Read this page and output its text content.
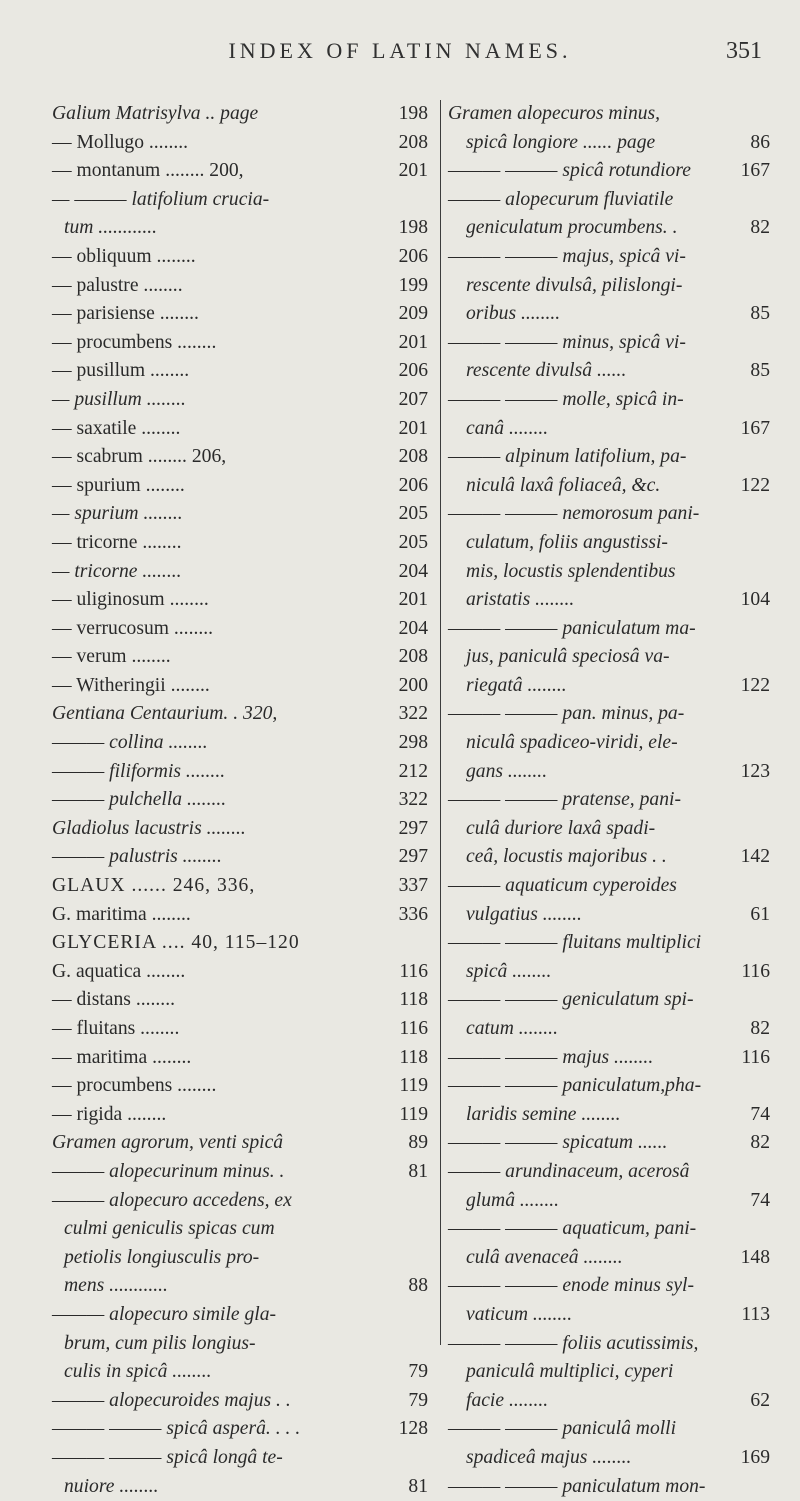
INDEX OF LATIN NAMES.	351
Galium Matrisylva .. page	198
— Mollugo ........	208
— montanum ........ 200,	201
— ——— latifolium crucia-
tum ............	198
— obliquum ........	206
— palustre ........	199
— parisiense ........	209
— procumbens ........	201
— pusillum ........	206
— pusillum ........	207
— saxatile ........	201
— scabrum ........ 206,	208
— spurium ........	206
— spurium ........	205
— tricorne ........	205
— tricorne ........	204
— uliginosum ........	201
— verrucosum ........	204
— verum ........	208
— Witheringii ........	200
Gentiana Centaurium. . 320,	322
——— collina ........	298
——— filiformis ........	212
——— pulchella ........	322
Gladiolus lacustris ........	297
——— palustris ........	297
GLAUX ...... 246, 336,	337
G. maritima ........	336
GLYCERIA .... 40, 115–120
G. aquatica ........	116
— distans ........	118
— fluitans ........	116
— maritima ........	118
— procumbens ........	119
— rigida ........	119
Gramen agrorum, venti spicâ	89
——— alopecurinum minus. .	81
——— alopecuro accedens, ex
culmi geniculis spicas cum
petiolis longiusculis pro-
mens ............	88
——— alopecuro simile gla-
brum, cum pilis longius-
culis in spicâ ........	79
——— alopecuroides majus . .	79
——— ——— spicâ asperâ. . . .	128
——— ——— spicâ longâ te-
nuiore ........	81
Gramen alopecuros minus,
spicâ longiore ...... page	86
——— ——— spicâ rotundiore	167
——— alopecurum fluviatile
geniculatum procumbens. .	82
——— ——— majus, spicâ vi-
rescente divulsâ, pilislongi-
oribus ........	85
——— ——— minus, spicâ vi-
rescente divulsâ ......	85
——— ——— molle, spicâ in-
canâ ........	167
——— alpinum latifolium, pa-
niculâ laxâ foliaceâ, &c.	122
——— ——— nemorosum pani-
culatum, foliis angustissi-
mis, locustis splendentibus
aristatis ........	104
——— ——— paniculatum ma-
jus, paniculâ speciosâ va-
riegatâ ........	122
——— ——— pan. minus, pa-
niculâ spadiceo-viridi, ele-
gans ........	123
——— ——— pratense, pani-
culâ duriore laxâ spadi-
ceâ, locustis majoribus . .	142
——— aquaticum cyperoides
vulgatius ........	61
——— ——— fluitans multiplici
spicâ ........	116
——— ——— geniculatum spi-
catum ........	82
——— ——— majus ........	116
——— ——— paniculatum,pha-
laridis semine ........	74
——— ——— spicatum ......	82
——— arundinaceum, acerosâ
glumâ ........	74
——— ——— aquaticum, pani-
culâ avenaceâ ........	148
——— ——— enode minus syl-
vaticum ........	113
——— ——— foliis acutissimis,
paniculâ multiplici, cyperi
facie ........	62
——— ——— paniculâ molli
spadiceâ majus ........	169
——— ——— paniculatum mon-
